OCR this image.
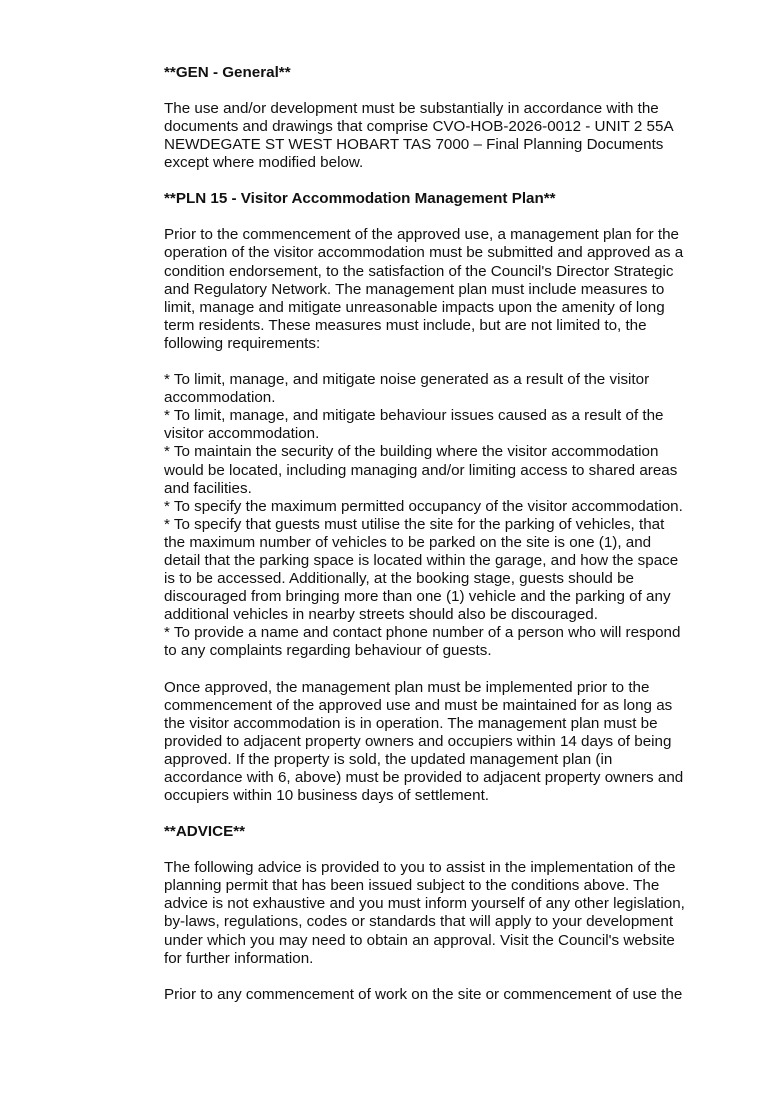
**GEN - General**
The use and/or development must be substantially in accordance with the
documents and drawings that comprise CVO-HOB-2026-0012 - UNIT 2 55A
NEWDEGATE ST WEST HOBART TAS 7000 – Final Planning Documents
except where modified below.
**PLN 15 - Visitor Accommodation Management Plan**
Prior to the commencement of the approved use, a management plan for the
operation of the visitor accommodation must be submitted and approved as a
condition endorsement, to the satisfaction of the Council's Director Strategic
and Regulatory Network. The management plan must include measures to
limit, manage and mitigate unreasonable impacts upon the amenity of long
term residents. These measures must include, but are not limited to, the
following requirements:
* To limit, manage, and mitigate noise generated as a result of the visitor
accommodation.
* To limit, manage, and mitigate behaviour issues caused as a result of the
visitor accommodation.
* To maintain the security of the building where the visitor accommodation
would be located, including managing and/or limiting access to shared areas
and facilities.
* To specify the maximum permitted occupancy of the visitor accommodation.
* To specify that guests must utilise the site for the parking of vehicles, that
the maximum number of vehicles to be parked on the site is one (1), and
detail that the parking space is located within the garage, and how the space
is to be accessed. Additionally, at the booking stage, guests should be
discouraged from bringing more than one (1) vehicle and the parking of any
additional vehicles in nearby streets should also be discouraged.
* To provide a name and contact phone number of a person who will respond
to any complaints regarding behaviour of guests.
Once approved, the management plan must be implemented prior to the
commencement of the approved use and must be maintained for as long as
the visitor accommodation is in operation. The management plan must be
provided to adjacent property owners and occupiers within 14 days of being
approved. If the property is sold, the updated management plan (in
accordance with 6, above) must be provided to adjacent property owners and
occupiers within 10 business days of settlement.
**ADVICE**
The following advice is provided to you to assist in the implementation of the
planning permit that has been issued subject to the conditions above. The
advice is not exhaustive and you must inform yourself of any other legislation,
by-laws, regulations, codes or standards that will apply to your development
under which you may need to obtain an approval. Visit the Council's website
for further information.
Prior to any commencement of work on the site or commencement of use the
